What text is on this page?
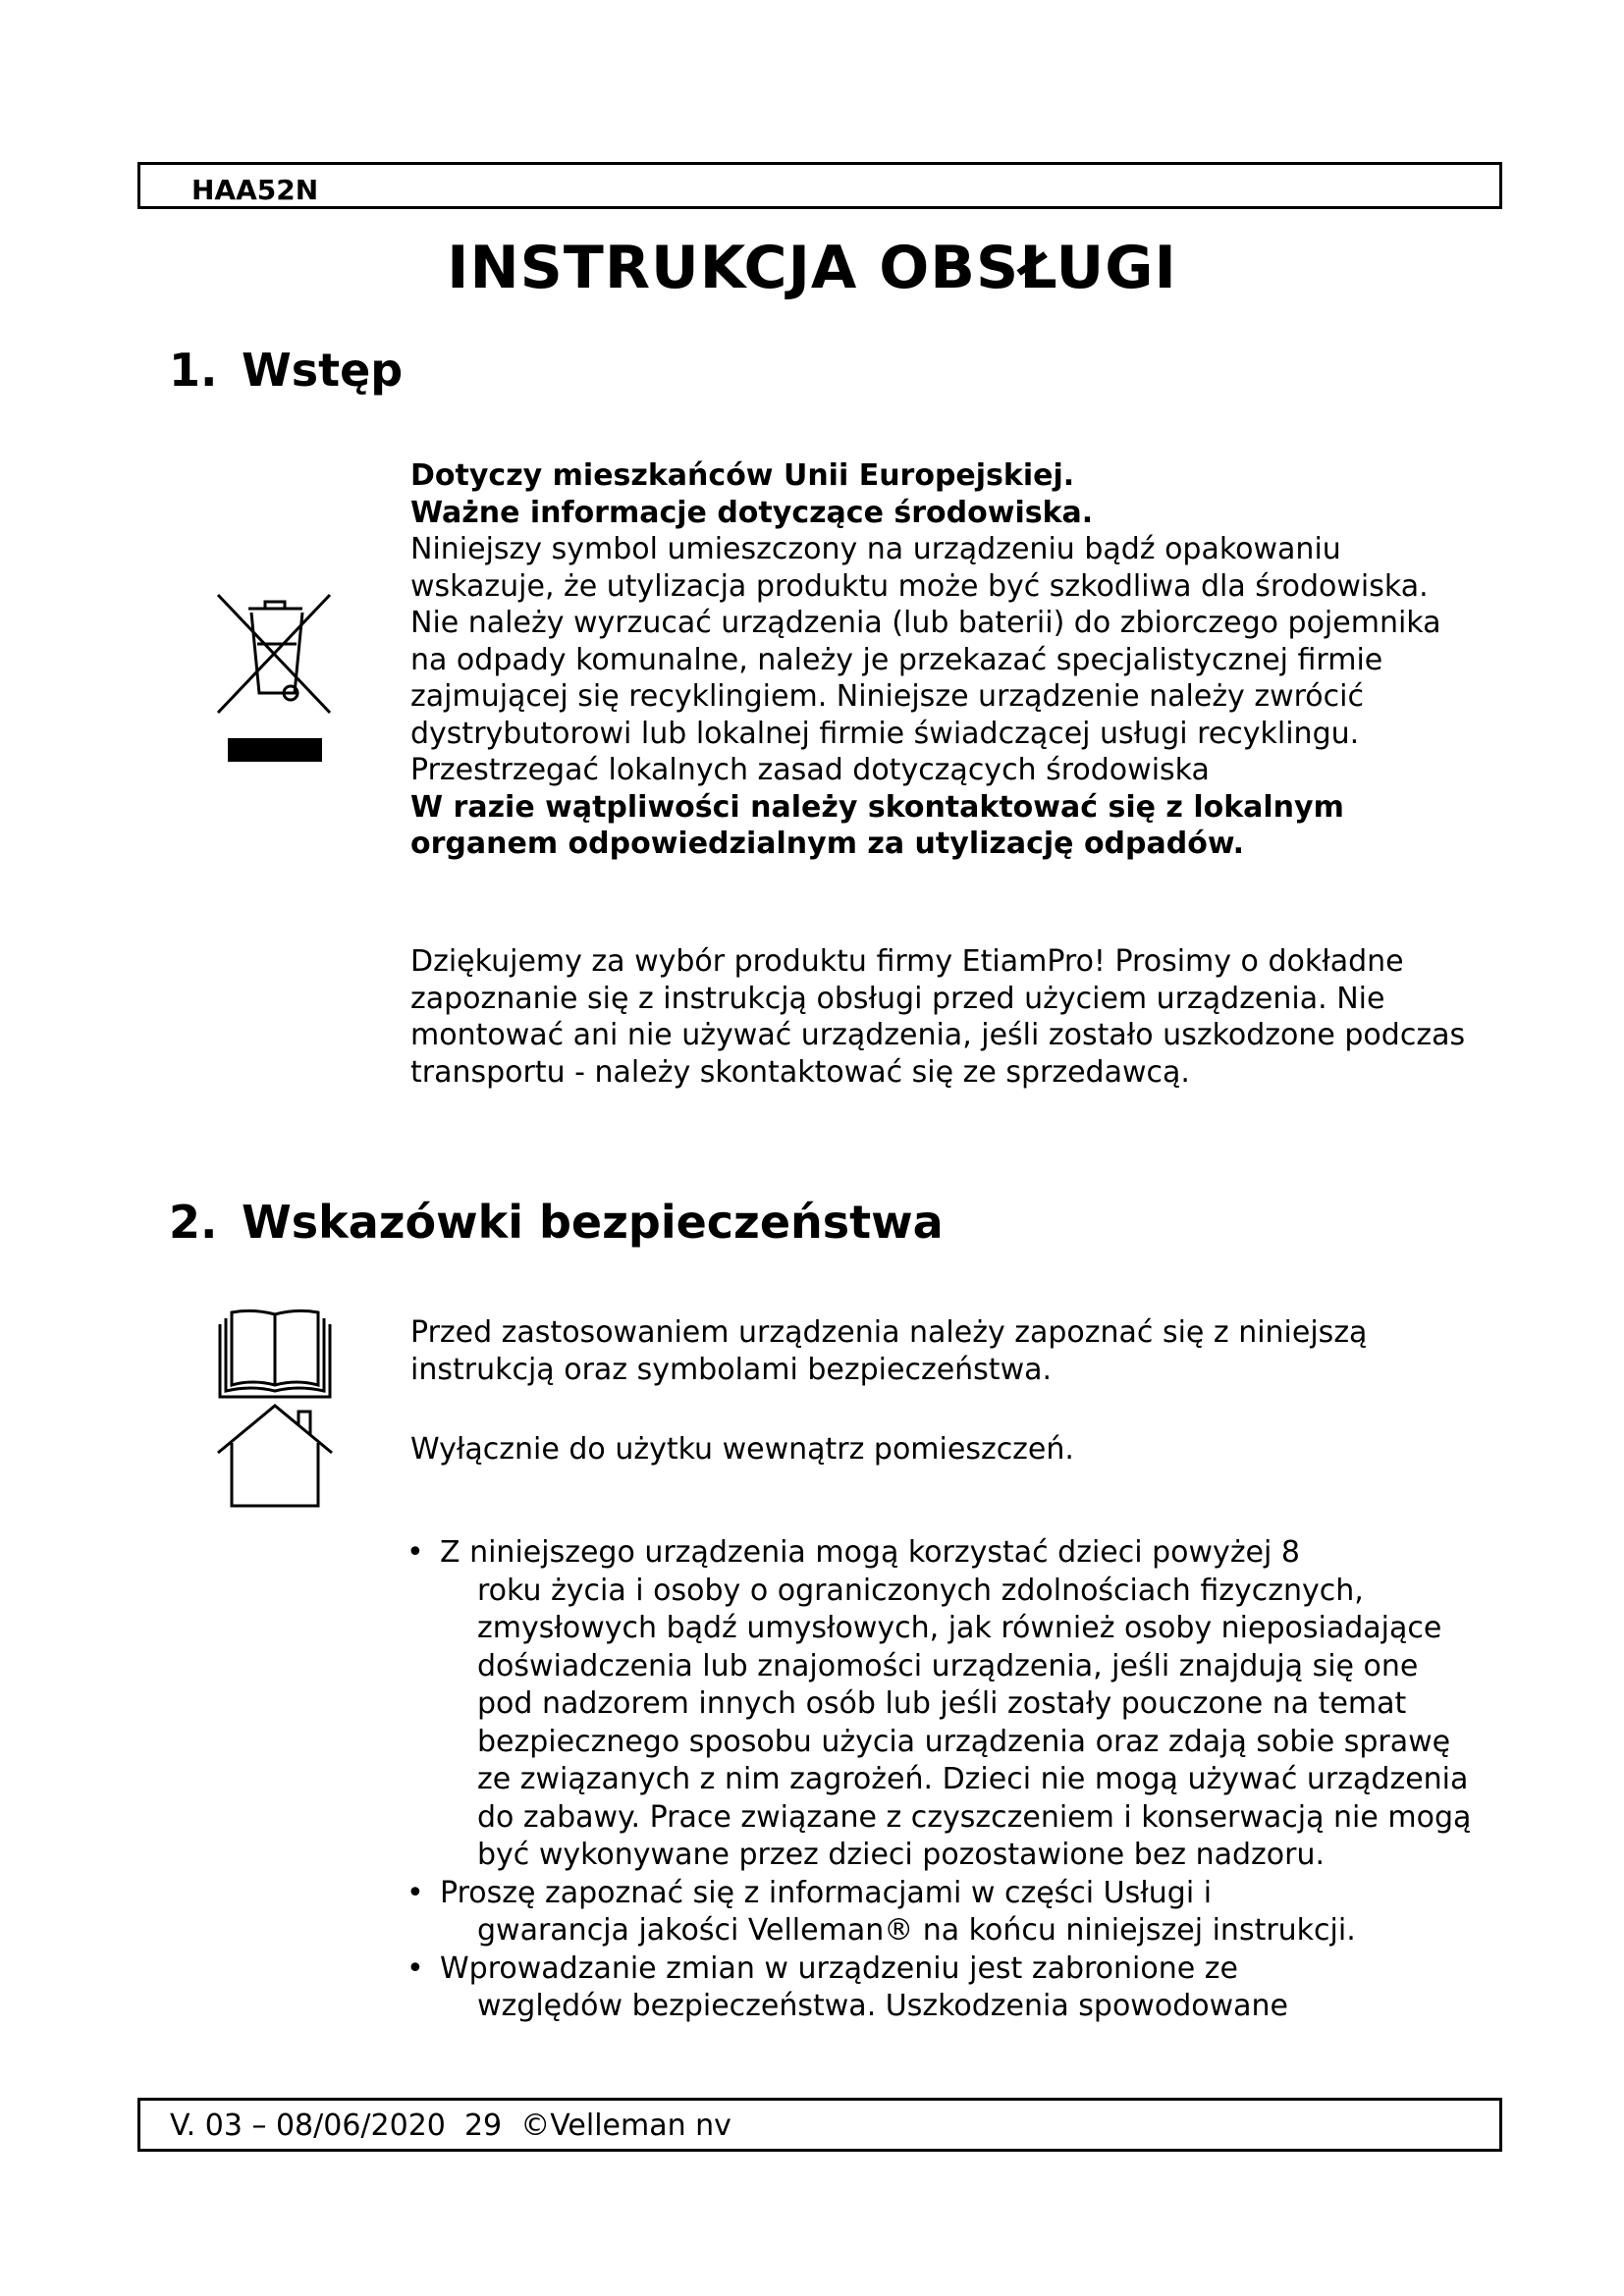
HAA52N
INSTRUKCJA OBSŁUGI
1. Wstęp
Dotyczy mieszkańców Unii Europejskiej.
Ważne informacje dotyczące środowiska.
Niniejszy symbol umieszczony na urządzeniu bądź opakowaniu wskazuje, że utylizacja produktu może być szkodliwa dla środowiska. Nie należy wyrzucać urządzenia (lub baterii) do zbiorczego pojemnika na odpady komunalne, należy je przekazać specjalistycznej firmie zajmującej się recyklingiem. Niniejsze urządzenie należy zwrócić dystrybutorowi lub lokalnej firmie świadczącej usługi recyklingu. Przestrzegać lokalnych zasad dotyczących środowiska
W razie wątpliwości należy skontaktować się z lokalnym organem odpowiedzialnym za utylizację odpadów.
Dziękujemy za wybór produktu firmy EtiamPro! Prosimy o dokładne zapoznanie się z instrukcją obsługi przed użyciem urządzenia. Nie montować ani nie używać urządzenia, jeśli zostało uszkodzone podczas transportu - należy skontaktować się ze sprzedawcą.
2. Wskazówki bezpieczeństwa
Przed zastosowaniem urządzenia należy zapoznać się z niniejszą instrukcją oraz symbolami bezpieczeństwa.
Wyłącznie do użytku wewnątrz pomieszczeń.
• Z niniejszego urządzenia mogą korzystać dzieci powyżej 8
roku życia i osoby o ograniczonych zdolnościach fizycznych, zmysłowych bądź umysłowych, jak również osoby nieposiadające doświadczenia lub znajomości urządzenia, jeśli znajdują się one pod nadzorem innych osób lub jeśli zostały pouczone na temat bezpiecznego sposobu użycia urządzenia oraz zdają sobie sprawę ze związanych z nim zagrożeń. Dzieci nie mogą używać urządzenia do zabawy. Prace związane z czyszczeniem i konserwacją nie mogą być wykonywane przez dzieci pozostawione bez nadzoru.
• Proszę zapoznać się z informacjami w części Usługi i
gwarancja jakości Velleman® na końcu niniejszej instrukcji.
• Wprowadzanie zmian w urządzeniu jest zabronione ze
względów bezpieczeństwa. Uszkodzenia spowodowane
V. 03 – 08/06/2020  29  ©Velleman nv
